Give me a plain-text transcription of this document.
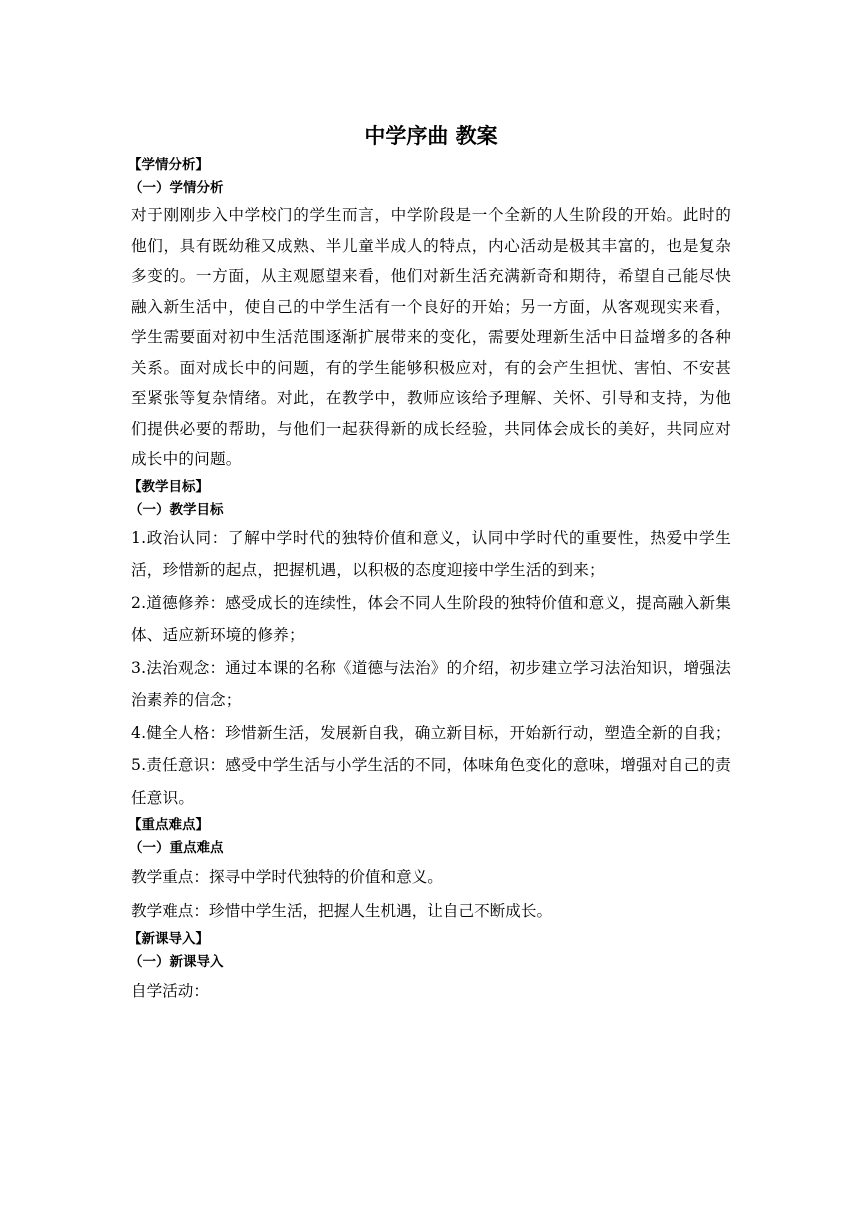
中学序曲 教案
【学情分析】
（一）学情分析

对于刚刚步入中学校门的学生而言，中学阶段是一个全新的人生阶段的开始。此时的他们，具有既幼稚又成熟、半儿童半成人的特点，内心活动是极其丰富的，也是复杂多变的。一方面，从主观愿望来看，他们对新生活充满新奇和期待，希望自己能尽快融入新生活中，使自己的中学生活有一个良好的开始；另一方面，从客观现实来看，学生需要面对初中生活范围逐渐扩展带来的变化，需要处理新生活中日益增多的各种关系。面对成长中的问题，有的学生能够积极应对，有的会产生担忧、害怕、不安甚至紧张等复杂情绪。对此，在教学中，教师应该给予理解、关怀、引导和支持，为他们提供必要的帮助，与他们一起获得新的成长经验，共同体会成长的美好，共同应对成长中的问题。

【教学目标】
（一）教学目标

1.政治认同：了解中学时代的独特价值和意义，认同中学时代的重要性，热爱中学生活，珍惜新的起点，把握机遇，以积极的态度迎接中学生活的到来；

2.道德修养：感受成长的连续性，体会不同人生阶段的独特价值和意义，提高融入新集体、适应新环境的修养；

3.法治观念：通过本课的名称《道德与法治》的介绍，初步建立学习法治知识，增强法治素养的信念；

4.健全人格：珍惜新生活，发展新自我，确立新目标，开始新行动，塑造全新的自我；

5.责任意识：感受中学生活与小学生活的不同，体味角色变化的意味，增强对自己的责任意识。

【重点难点】
（一）重点难点

教学重点：探寻中学时代独特的价值和意义。

教学难点：珍惜中学生活，把握人生机遇，让自己不断成长。

【新课导入】
（一）新课导入

自学活动：
